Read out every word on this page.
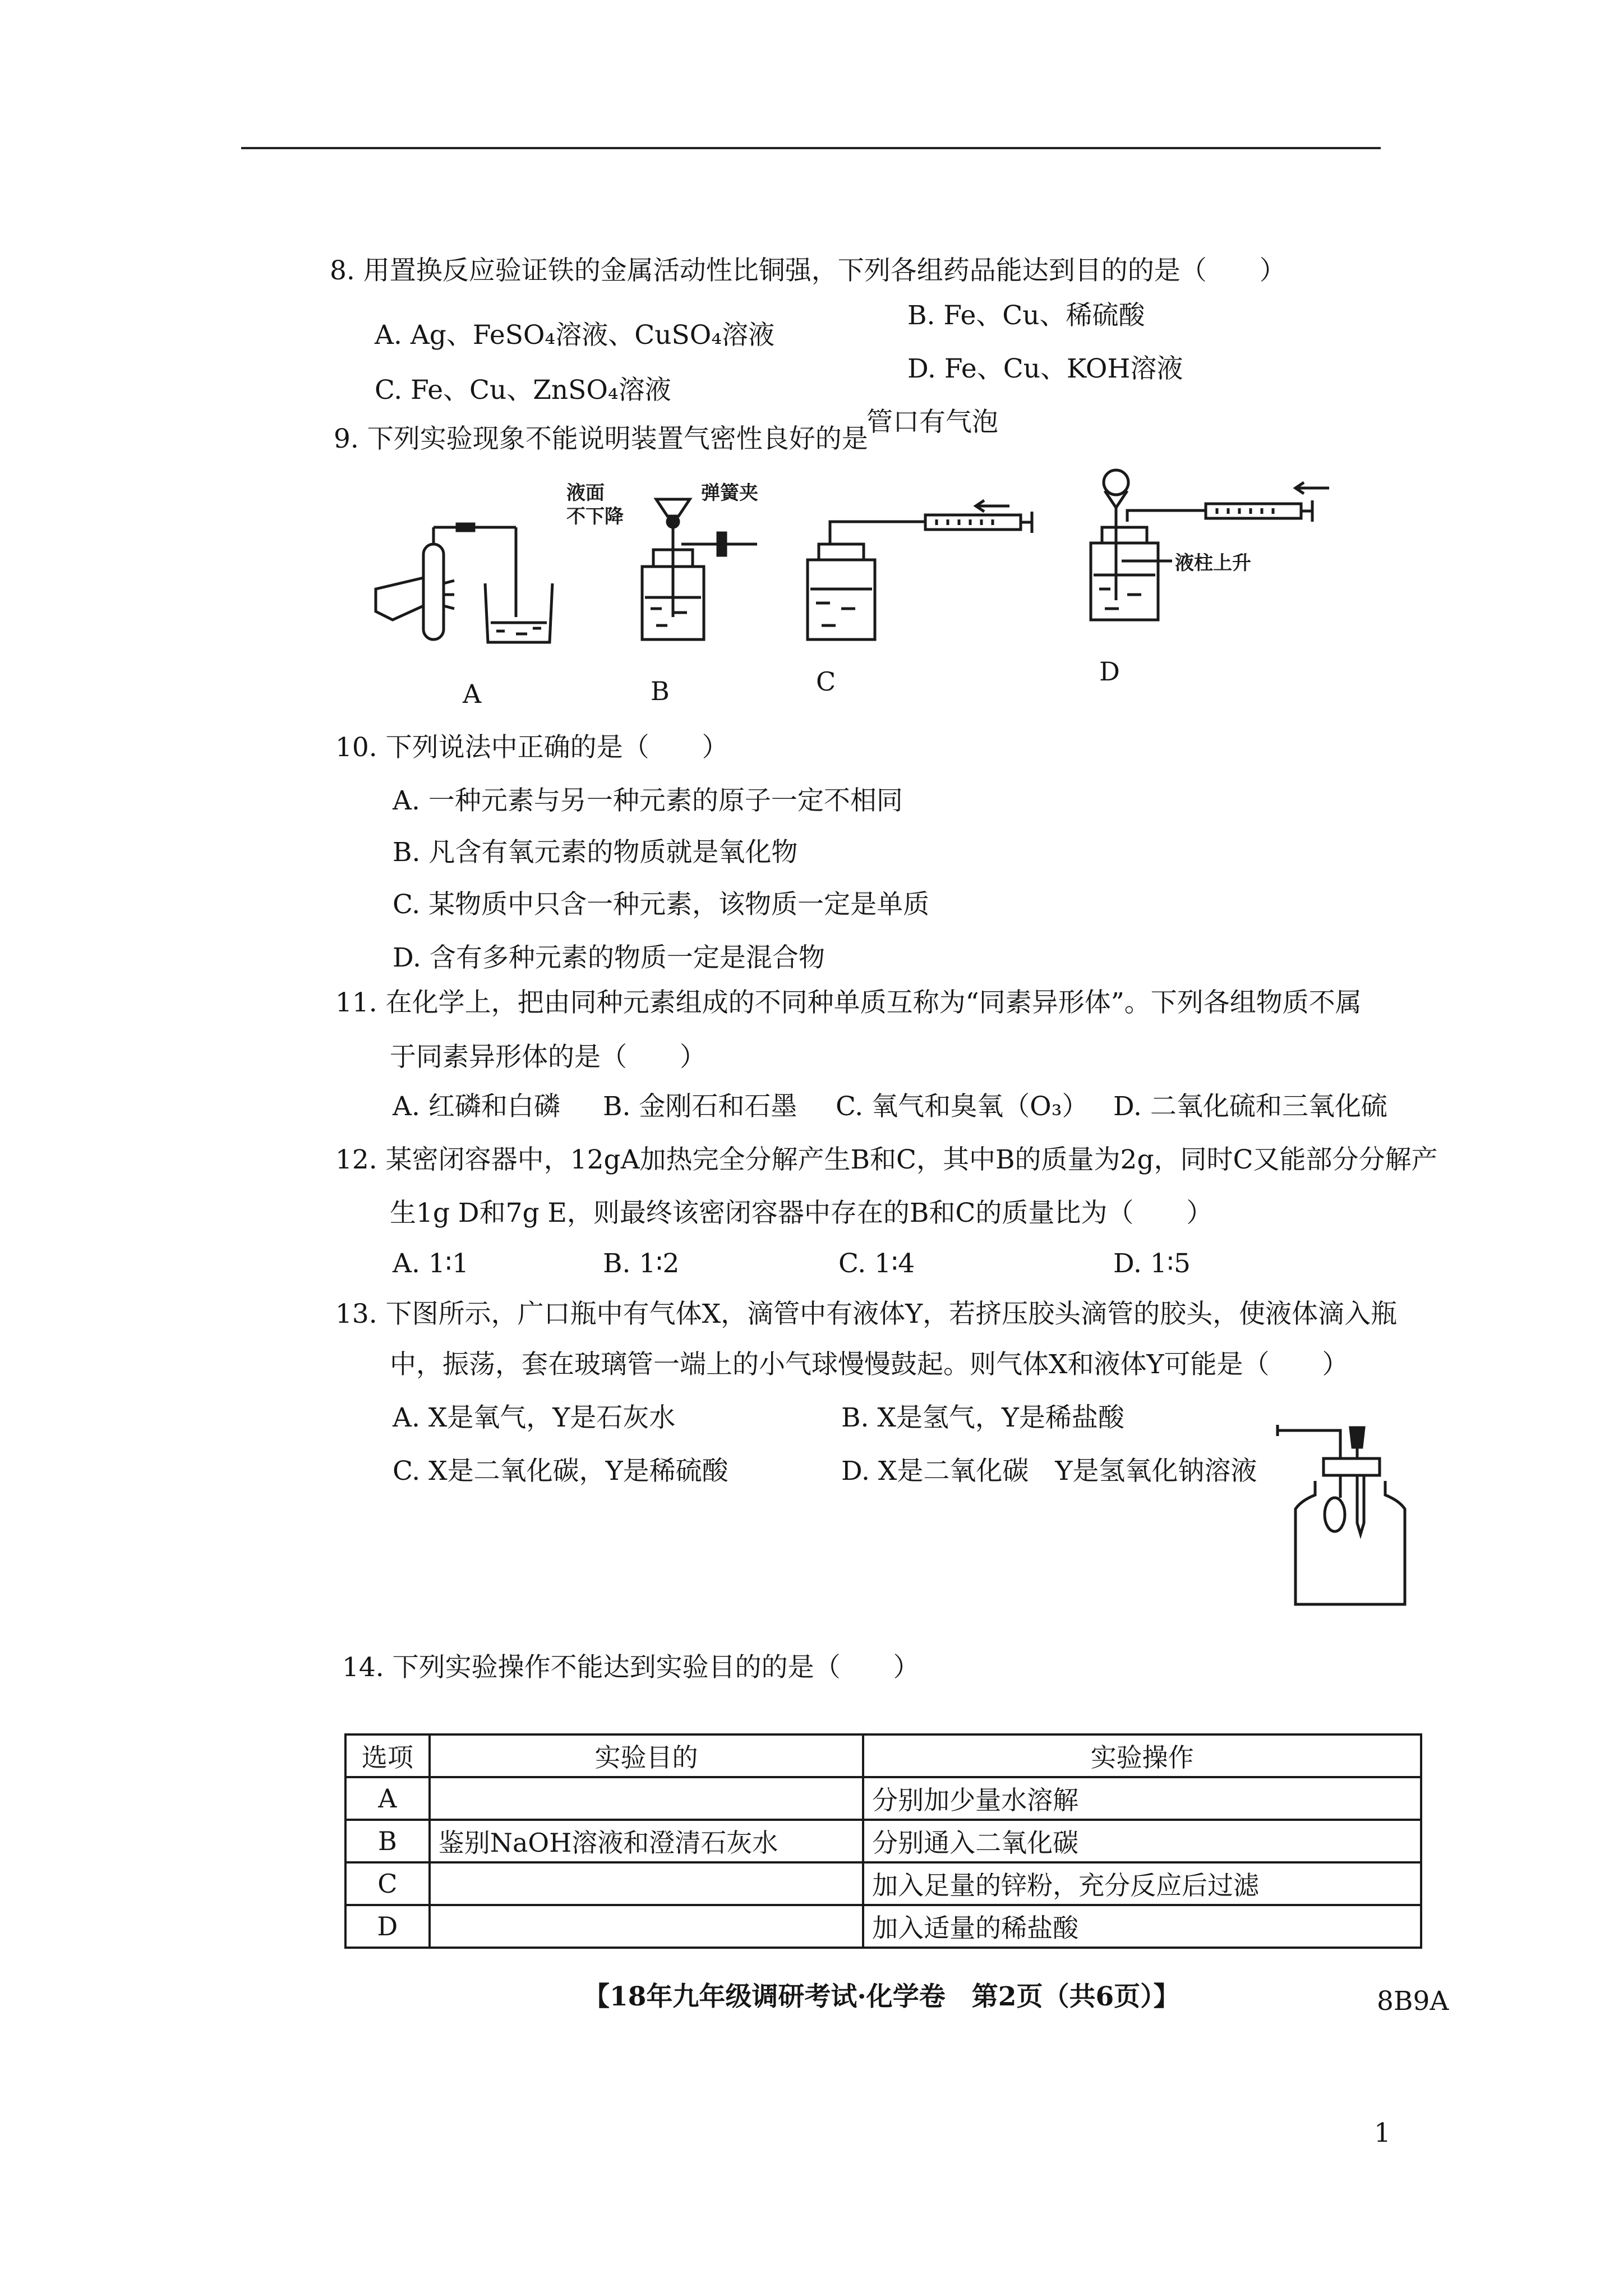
8. 用置换反应验证铁的金属活动性比铜强，下列各组药品能达到目的的是（　　）
A. Ag、FeSO₄溶液、CuSO₄溶液
B. Fe、Cu、稀硫酸
C. Fe、Cu、ZnSO₄溶液
D. Fe、Cu、KOH溶液
9. 下列实验现象不能说明装置气密性良好的是
管口有气泡
A
液面
不下降
弹簧夹
B	C
液柱上升
D
10. 下列说法中正确的是（　　）
A. 一种元素与另一种元素的原子一定不相同
B. 凡含有氧元素的物质就是氧化物
C. 某物质中只含一种元素，该物质一定是单质
D. 含有多种元素的物质一定是混合物
11. 在化学上，把由同种元素组成的不同种单质互称为“同素异形体”。下列各组物质不属
于同素异形体的是（　　）
A. 红磷和白磷 B. 金刚石和石墨 C. 氧气和臭氧（O₃） D. 二氧化硫和三氧化硫
12. 某密闭容器中，12gA加热完全分解产生B和C，其中B的质量为2g，同时C又能部分分解产
生1g D和7g E，则最终该密闭容器中存在的B和C的质量比为（　　）
A. 1∶1	B. 1∶2	C. 1∶4	D. 1∶5
13. 下图所示，广口瓶中有气体X，滴管中有液体Y，若挤压胶头滴管的胶头，使液体滴入瓶
中，振荡，套在玻璃管一端上的小气球慢慢鼓起。则气体X和液体Y可能是（　　）
A. X是氧气，Y是石灰水	B. X是氢气，Y是稀盐酸
C. X是二氧化碳，Y是稀硫酸	D. X是二氧化碳　Y是氢氧化钠溶液
14. 下列实验操作不能达到实验目的的是（　　）
选项	实验目的	实验操作
A		分别加少量水溶解
B	鉴别NaOH溶液和澄清石灰水	分别通入二氧化碳
C		加入足量的锌粉，充分反应后过滤
D		加入适量的稀盐酸
【18年九年级调研考试·化学卷　第2页（共6页）】	8B9A
1
